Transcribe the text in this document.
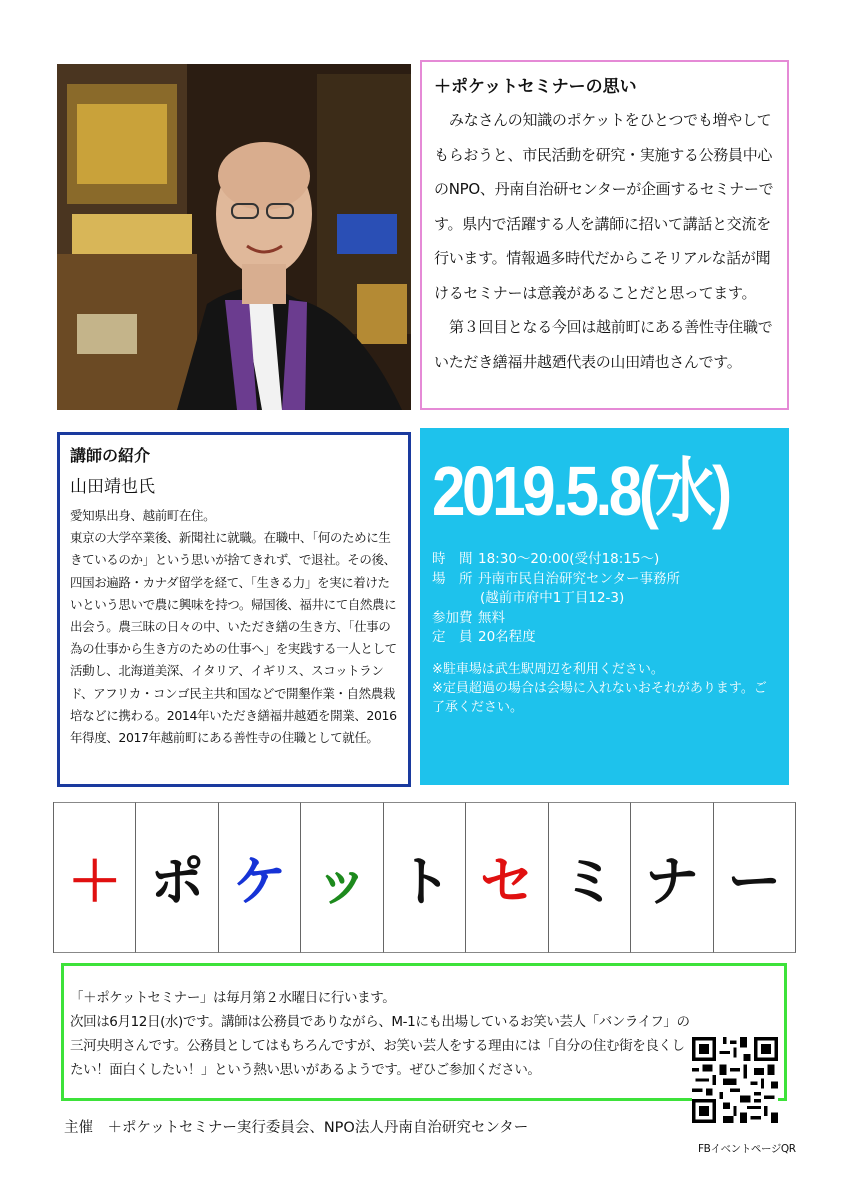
＋ポケットセミナーの思い

みなさんの知識のポケットをひとつでも増やしてもらおうと、市民活動を研究・実施する公務員中心のNPO、丹南自治研センターが企画するセミナーです。県内で活躍する人を講師に招いて講話と交流を行います。情報過多時代だからこそリアルな話が聞けるセミナーは意義があることだと思ってます。

第３回目となる今回は越前町にある善性寺住職でいただき繕福井越廼代表の山田靖也さんです。

講師の紹介
山田靖也氏

愛知県出身、越前町在住。

東京の大学卒業後、新聞社に就職。在職中、「何のために生きているのか」という思いが捨てきれず、で退社。その後、四国お遍路・カナダ留学を経て、「生きる力」を実に着けたいという思いで農に興味を持つ。帰国後、福井にて自然農に出会う。農三昧の日々の中、いただき繕の生き方、「仕事の為の仕事から生き方のための仕事へ」を実践する一人として活動し、北海道美深、イタリア、イギリス、スコットランド、アフリカ・コンゴ民主共和国などで開墾作業・自然農栽培などに携わる。2014年いただき繕福井越廼を開業、2016年得度、2017年越前町にある善性寺の住職として就任。

2019.5.8(水)
時　間 18:30～20:00(受付18:15～)
場　所 丹南市民自治研究センター事務所
(越前市府中1丁目12-3)
参加費 無料
定　員 20名程度

※駐車場は武生駅周辺を利用ください。

※定員超過の場合は会場に入れないおそれがあります。ご了承ください。

＋ ポ ケ ッ ト セ ミ ナ ー

「＋ポケットセミナー」は毎月第２水曜日に行います。

次回は6月12日(水)です。講師は公務員でありながら、M-1にも出場しているお笑い芸人「バンライフ」の三河央明さんです。公務員としてはもちろんですが、お笑い芸人をする理由には「自分の住む街を良くしたい！面白くしたい！」という熱い思いがあるようです。ぜひご参加ください。

主催　＋ポケットセミナー実行委員会、NPO法人丹南自治研究センター
FBイベントページQR
